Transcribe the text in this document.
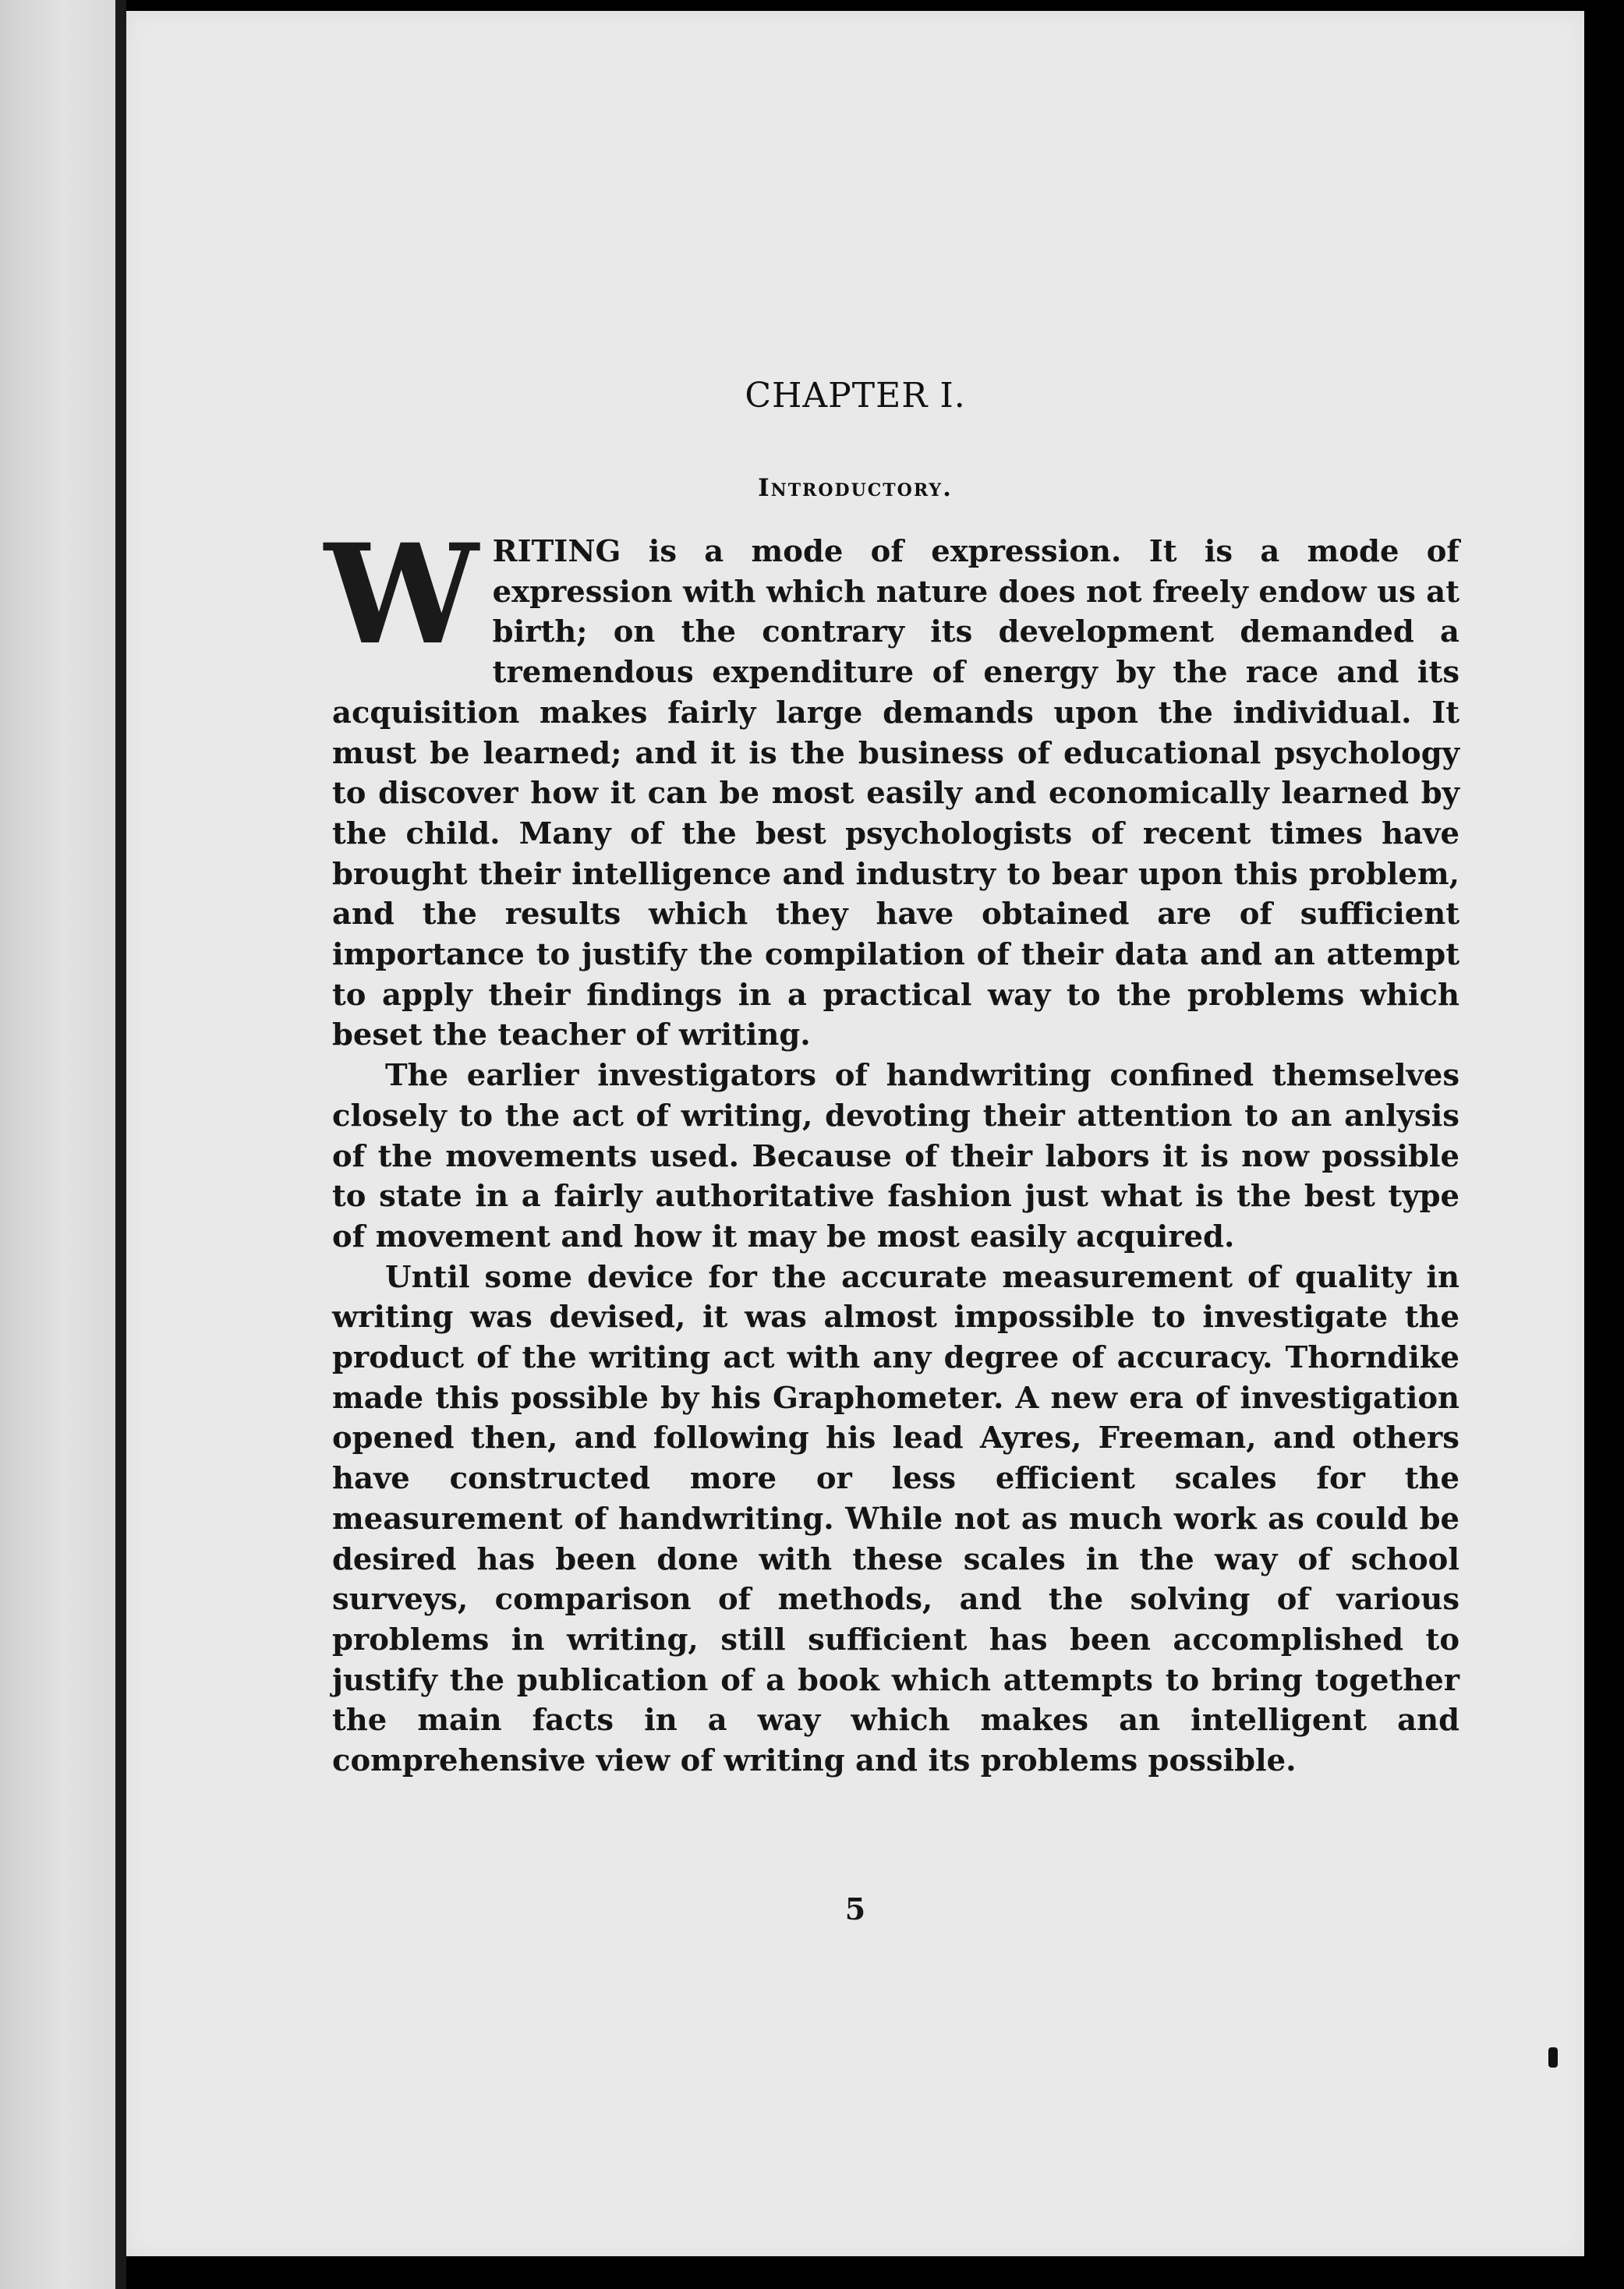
CHAPTER I.
Introductory.

WRITING is a mode of expression. It is a mode of expression with which nature does not freely endow us at birth; on the contrary its development demanded a tremendous expenditure of energy by the race and its acquisition makes fairly large demands upon the individual. It must be learned; and it is the business of educational psychology to discover how it can be most easily and economically learned by the child. Many of the best psychologists of recent times have brought their intelligence and industry to bear upon this problem, and the results which they have obtained are of sufficient importance to justify the compilation of their data and an attempt to apply their findings in a practical way to the problems which beset the teacher of writing.

The earlier investigators of handwriting confined themselves closely to the act of writing, devoting their attention to an anlysis of the movements used. Because of their labors it is now possible to state in a fairly authoritative fashion just what is the best type of movement and how it may be most easily acquired.

Until some device for the accurate measurement of quality in writing was devised, it was almost impossible to investigate the product of the writing act with any degree of accuracy. Thorndike made this possible by his Graphometer. A new era of investigation opened then, and following his lead Ayres, Freeman, and others have constructed more or less efficient scales for the measurement of handwriting. While not as much work as could be desired has been done with these scales in the way of school surveys, comparison of methods, and the solving of various problems in writing, still sufficient has been accomplished to justify the publication of a book which attempts to bring together the main facts in a way which makes an intelligent and comprehensive view of writing and its problems possible.

5
